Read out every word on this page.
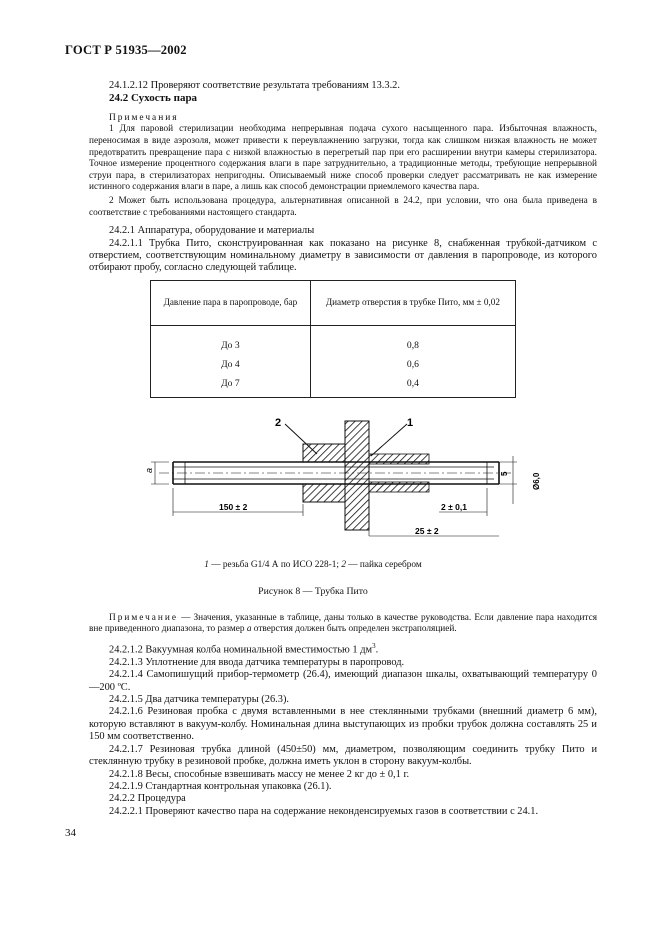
ГОСТ Р 51935—2002

24.1.2.12 Проверяют соответствие результата требованиям 13.3.2.

24.2 Сухость пара

Примечания

1 Для паровой стерилизации необходима непрерывная подача сухого насыщенного пара. Избыточная влажность, переносимая в виде аэрозоля, может привести к переувлажнению загрузки, тогда как слишком низкая влажность не может предотвратить превращение пара с низкой влажностью в перегретый пар при его расширении внутри камеры стерилизатора. Точное измерение процентного содержания влаги в паре затруднительно, а традиционные методы, требующие непрерывной струи пара, в стерилизаторах непригодны. Описываемый ниже способ проверки следует рассматривать не как измерение истинного содержания влаги в паре, а лишь как способ демонстрации приемлемого качества пара.

2 Может быть использована процедура, альтернативная описанной в 24.2, при условии, что она была приведена в соответствие с требованиями настоящего стандарта.

24.2.1 Аппаратура, оборудование и материалы

24.2.1.1 Трубка Пито, сконструированная как показано на рисунке 8, снабженная трубкой-датчиком с отверстием, соответствующим номинальному диаметру в зависимости от давления в паропроводе, из которого отбирают пробу, согласно следующей таблице.

Давление пара в паропроводе, бар	Диаметр отверстия в трубке Пито, мм ± 0,02
До 3	0,8
До 4	0,6
До 7	0,4
2	1
a
5	Ø6,0
150 ± 2	2 ± 0,1
25 ± 2

1 — резьба G1/4 А по ИСО 228-1; 2 — пайка серебром

Рисунок 8 — Трубка Пито

Примечание — Значения, указанные в таблице, даны только в качестве руководства. Если давление пара находится вне приведенного диапазона, то размер а отверстия должен быть определен экстраполяцией.

24.2.1.2 Вакуумная колба номинальной вместимостью 1 $дм^3$.

24.2.1.3 Уплотнение для ввода датчика температуры в паропровод.

24.2.1.4 Самопишущий прибор-термометр (26.4), имеющий диапазон шкалы, охватывающий температуру 0—200 ºС.

24.2.1.5 Два датчика температуры (26.3).

24.2.1.6 Резиновая пробка с двумя вставленными в нее стеклянными трубками (внешний диаметр 6 мм), которую вставляют в вакуум-колбу. Номинальная длина выступающих из пробки трубок должна составлять 25 и 150 мм соответственно.

24.2.1.7 Резиновая трубка длиной (450±50) мм, диаметром, позволяющим соединить трубку Пито и стеклянную трубку в резиновой пробке, должна иметь уклон в сторону вакуум-колбы.

24.2.1.8 Весы, способные взвешивать массу не менее 2 кг до ± 0,1 г.

24.2.1.9 Стандартная контрольная упаковка (26.1).

24.2.2 Процедура

24.2.2.1 Проверяют качество пара на содержание неконденсируемых газов в соответствии с 24.1.

34
